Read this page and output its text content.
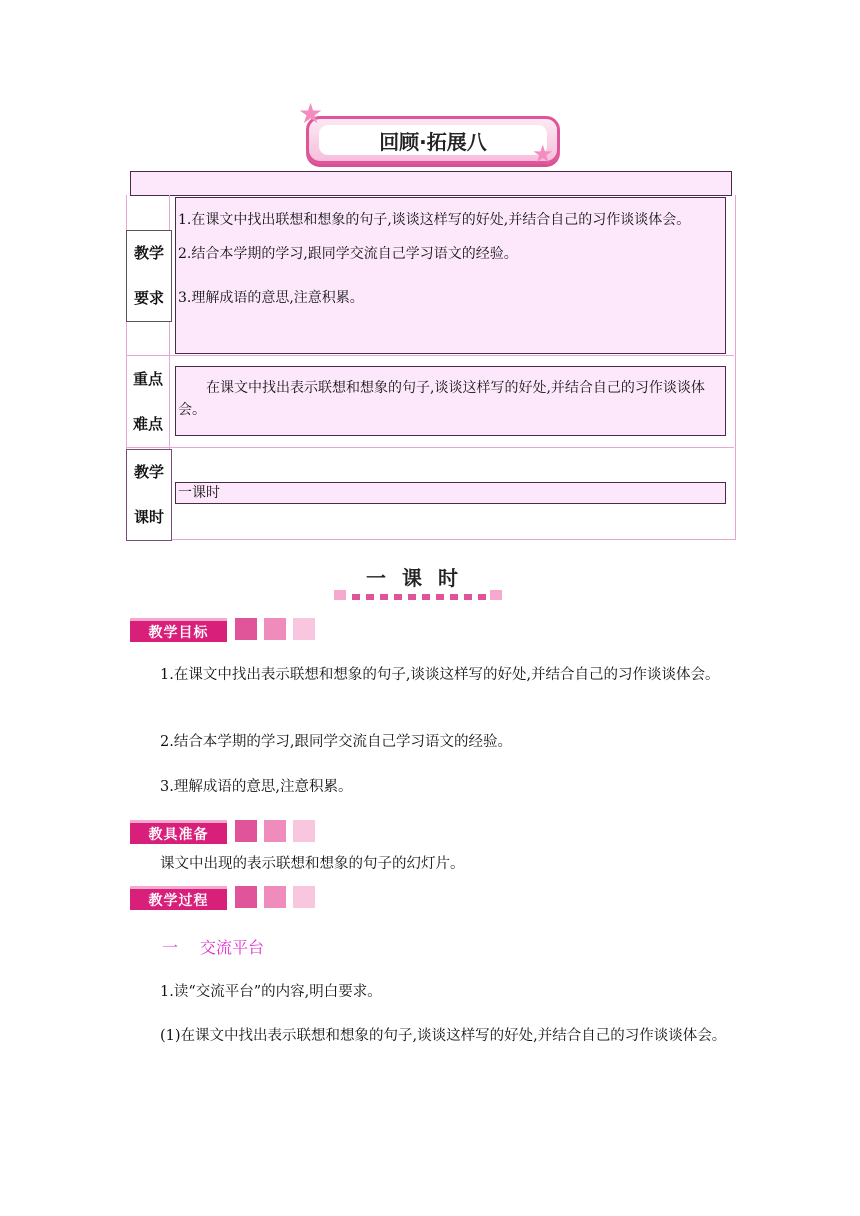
回顾·拓展八
★
★
教学
要求

1.在课文中找出联想和想象的句子,谈谈这样写的好处,并结合自己的习作谈谈体会。

2.结合本学期的学习,跟同学交流自己学习语文的经验。

3.理解成语的意思,注意积累。

重点
难点

在课文中找出表示联想和想象的句子,谈谈这样写的好处,并结合自己的习作谈谈体会。

教学
课时
一课时
一课时
教学目标
1.在课文中找出表示联想和想象的句子,谈谈这样写的好处,并结合自己的习作谈谈体会。
2.结合本学期的学习,跟同学交流自己学习语文的经验。
3.理解成语的意思,注意积累。
教具准备
课文中出现的表示联想和想象的句子的幻灯片。
教学过程
一 交流平台
1.读“交流平台”的内容,明白要求。
(1)在课文中找出表示联想和想象的句子,谈谈这样写的好处,并结合自己的习作谈谈体会。
